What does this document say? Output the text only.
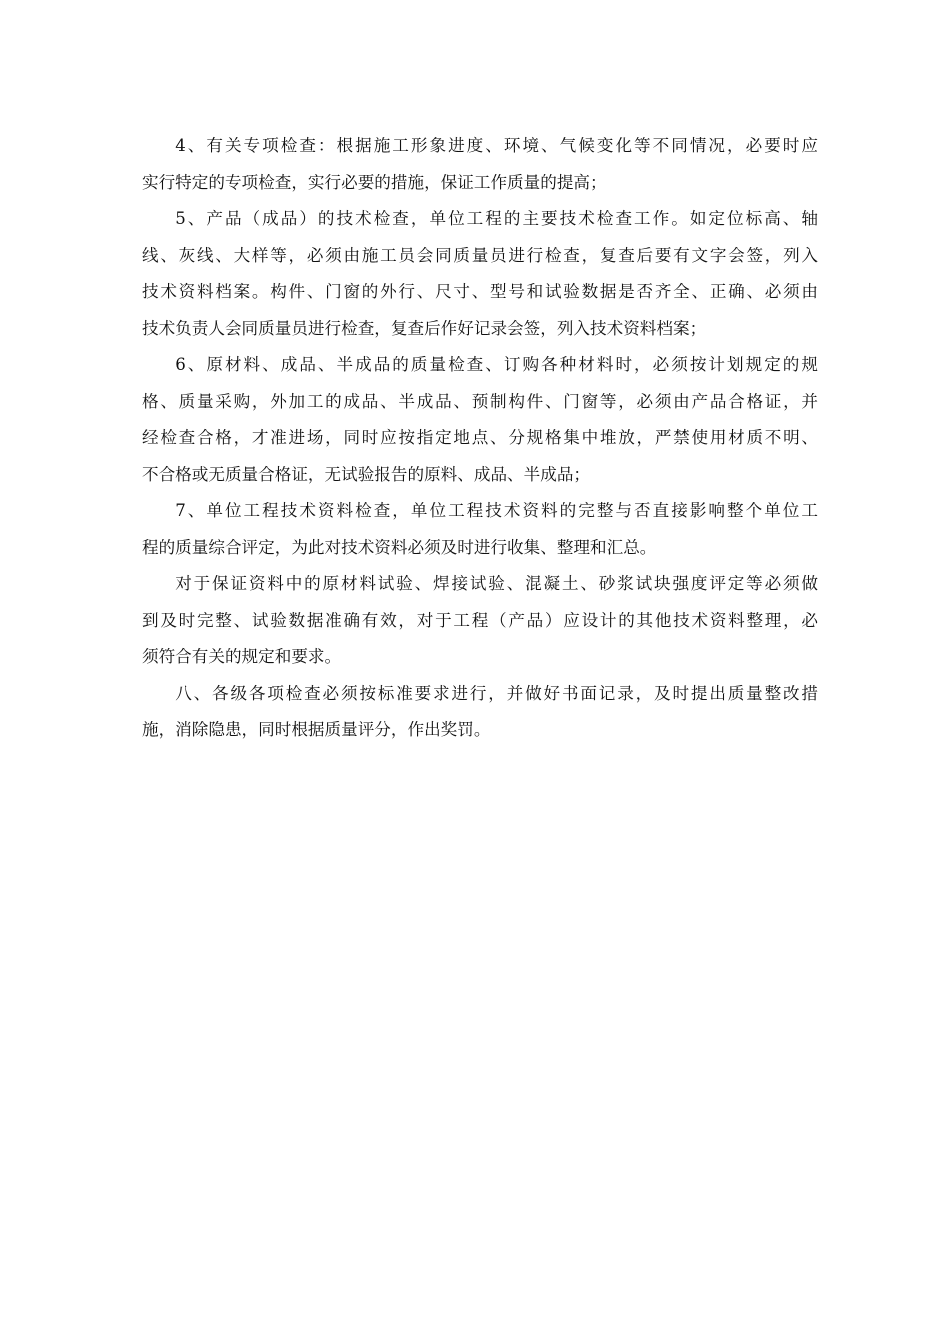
4、有关专项检查：根据施工形象进度、环境、气候变化等不同情况，必要时应
实行特定的专项检查，实行必要的措施，保证工作质量的提高；

5、产品（成品）的技术检查，单位工程的主要技术检查工作。如定位标高、轴
线、灰线、大样等，必须由施工员会同质量员进行检查，复查后要有文字会签，列入
技术资料档案。构件、门窗的外行、尺寸、型号和试验数据是否齐全、正确、必须由
技术负责人会同质量员进行检查，复查后作好记录会签，列入技术资料档案；

6、原材料、成品、半成品的质量检查、订购各种材料时，必须按计划规定的规
格、质量采购，外加工的成品、半成品、预制构件、门窗等，必须由产品合格证，并
经检查合格，才准进场，同时应按指定地点、分规格集中堆放，严禁使用材质不明、
不合格或无质量合格证，无试验报告的原料、成品、半成品；

7、单位工程技术资料检查，单位工程技术资料的完整与否直接影响整个单位工
程的质量综合评定，为此对技术资料必须及时进行收集、整理和汇总。

对于保证资料中的原材料试验、焊接试验、混凝土、砂浆试块强度评定等必须做
到及时完整、试验数据准确有效，对于工程（产品）应设计的其他技术资料整理，必
须符合有关的规定和要求。

八、各级各项检查必须按标准要求进行，并做好书面记录，及时提出质量整改措
施，消除隐患，同时根据质量评分，作出奖罚。
